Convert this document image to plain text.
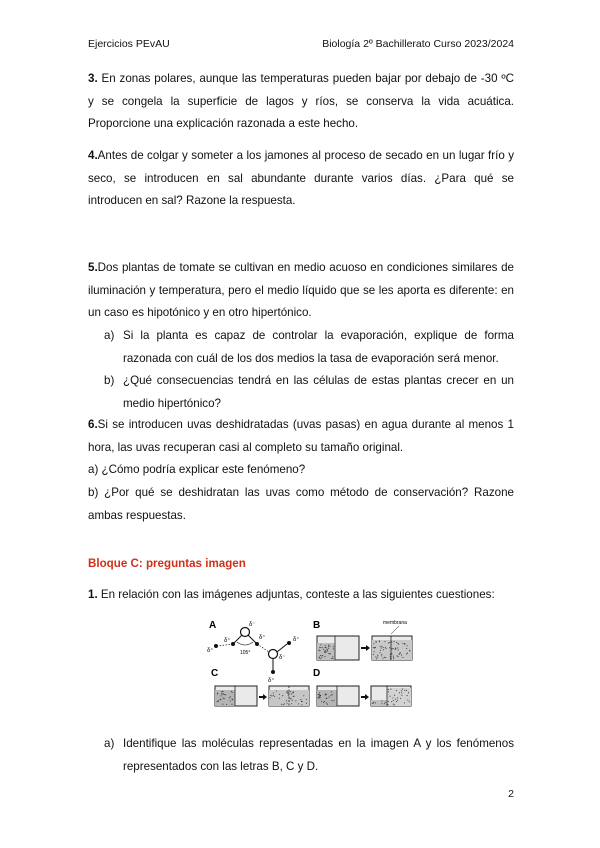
Ejercicios PEvAU	Biología 2º Bachillerato Curso 2023/2024
3. En zonas polares, aunque las temperaturas pueden bajar por debajo de -30 ºC y se congela la superficie de lagos y ríos, se conserva la vida acuática. Proporcione una explicación razonada a este hecho.
4.Antes de colgar y someter a los jamones al proceso de secado en un lugar frío y seco, se introducen en sal abundante durante varios días. ¿Para qué se introducen en sal? Razone la respuesta.
5.Dos plantas de tomate se cultivan en medio acuoso en condiciones similares de iluminación y temperatura, pero el medio líquido que se les aporta es diferente: en un caso es hipotónico y en otro hipertónico.
a) Si la planta es capaz de controlar la evaporación, explique de forma razonada con cuál de los dos medios la tasa de evaporación será menor.
b) ¿Qué consecuencias tendrá en las células de estas plantas crecer en un medio hipertónico?
6.Si se introducen uvas deshidratadas (uvas pasas) en agua durante al menos 1 hora, las uvas recuperan casi al completo su tamaño original.
a) ¿Cómo podría explicar este fenómeno?
b) ¿Por qué se deshidratan las uvas como método de conservación? Razone ambas respuestas.
Bloque C: preguntas imagen
1. En relación con las imágenes adjuntas, conteste a las siguientes cuestiones:
A
105°
δ⁻
δ⁺	δ⁺
δ⁺
δ⁻
δ⁺
δ⁺
B	membrana
C	D
a) Identifique las moléculas representadas en la imagen A y los fenómenos representados con las letras B, C y D.
2
